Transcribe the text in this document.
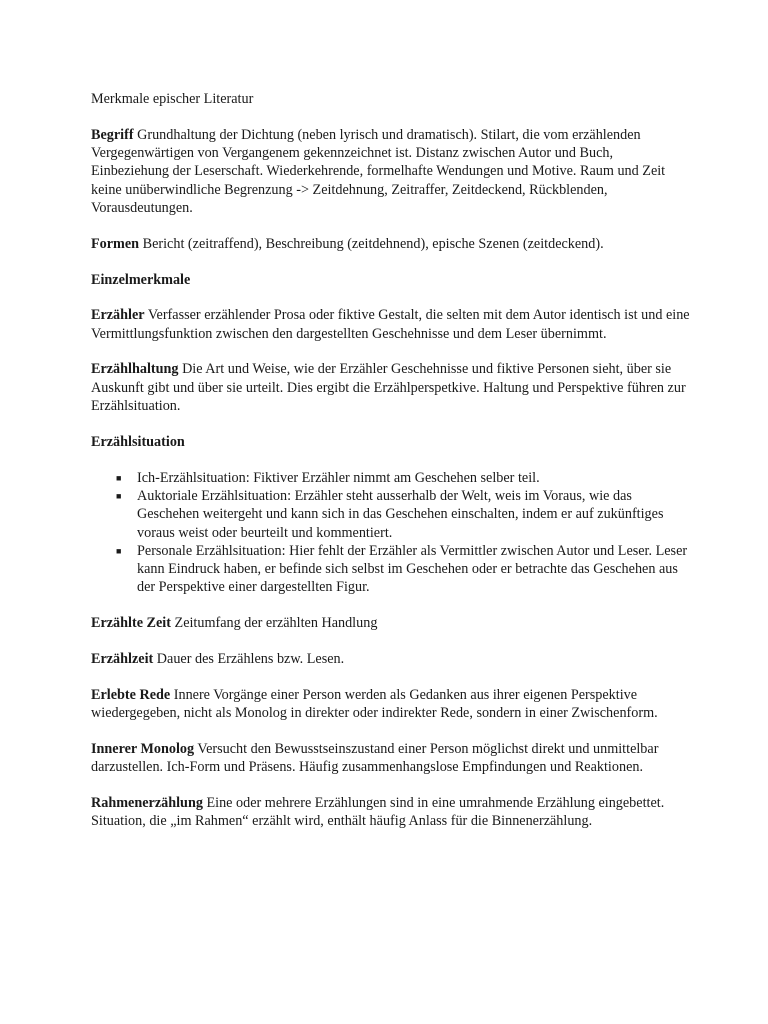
Merkmale epischer Literatur

Begriff Grundhaltung der Dichtung (neben lyrisch und dramatisch). Stilart, die vom erzählenden Vergegenwärtigen von Vergangenem gekennzeichnet ist. Distanz zwischen Autor und Buch, Einbeziehung der Leserschaft. Wiederkehrende, formelhafte Wendungen und Motive. Raum und Zeit keine unüberwindliche Begrenzung -> Zeitdehnung, Zeitraffer, Zeitdeckend, Rückblenden, Vorausdeutungen.

Formen Bericht (zeitraffend), Beschreibung (zeitdehnend), epische Szenen (zeitdeckend).

Einzelmerkmale

Erzähler Verfasser erzählender Prosa oder fiktive Gestalt, die selten mit dem Autor identisch ist und eine Vermittlungsfunktion zwischen den dargestellten Geschehnisse und dem Leser übernimmt.

Erzählhaltung Die Art und Weise, wie der Erzähler Geschehnisse und fiktive Personen sieht, über sie Auskunft gibt und über sie urteilt. Dies ergibt die Erzählperspetkive. Haltung und Perspektive führen zur Erzählsituation.

Erzählsituation

■ Ich-Erzählsituation: Fiktiver Erzähler nimmt am Geschehen selber teil.
■ Auktoriale Erzählsituation: Erzähler steht ausserhalb der Welt, weis im Voraus, wie das Geschehen weitergeht und kann sich in das Geschehen einschalten, indem er auf zukünftiges voraus weist oder beurteilt und kommentiert.
■ Personale Erzählsituation: Hier fehlt der Erzähler als Vermittler zwischen Autor und Leser. Leser kann Eindruck haben, er befinde sich selbst im Geschehen oder er betrachte das Geschehen aus der Perspektive einer dargestellten Figur.

Erzählte Zeit Zeitumfang der erzählten Handlung

Erzählzeit Dauer des Erzählens bzw. Lesen.

Erlebte Rede Innere Vorgänge einer Person werden als Gedanken aus ihrer eigenen Perspektive wiedergegeben, nicht als Monolog in direkter oder indirekter Rede, sondern in einer Zwischenform.

Innerer Monolog Versucht den Bewusstseinszustand einer Person möglichst direkt und unmittelbar darzustellen. Ich-Form und Präsens. Häufig zusammenhangslose Empfindungen und Reaktionen.

Rahmenerzählung Eine oder mehrere Erzählungen sind in eine umrahmende Erzählung eingebettet. Situation, die „im Rahmen“ erzählt wird, enthält häufig Anlass für die Binnenerzählung.
